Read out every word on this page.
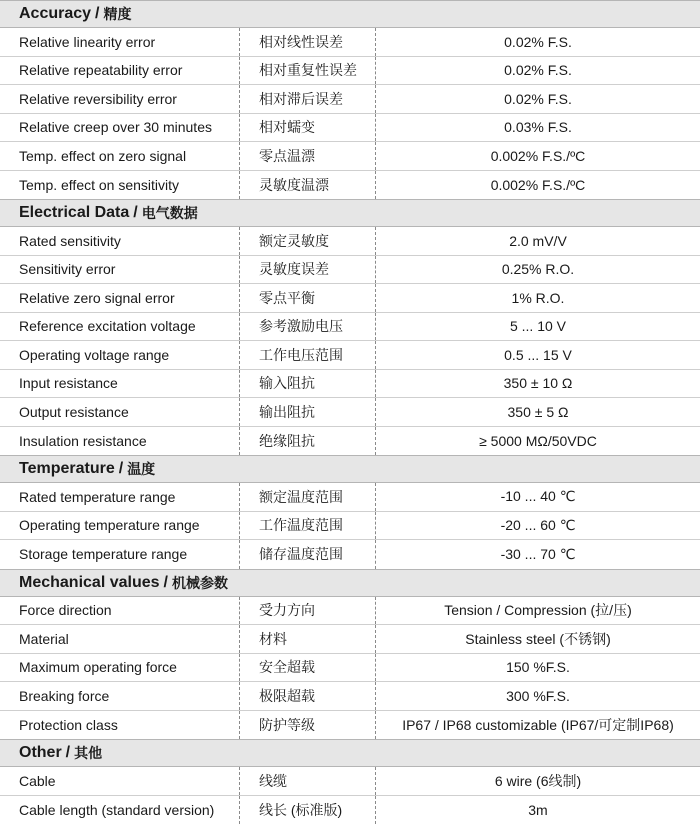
Accuracy / 精度
Relative linearity error	相对线性误差	0.02% F.S.
Relative repeatability error	相对重复性误差	0.02% F.S.
Relative reversibility error	相对滞后误差	0.02% F.S.
Relative creep over 30 minutes	相对蠕变	0.03% F.S.
Temp. effect on zero signal	零点温漂	0.002% F.S./ºC
Temp. effect on sensitivity	灵敏度温漂	0.002% F.S./ºC
Electrical Data / 电气数据
Rated sensitivity	额定灵敏度	2.0 mV/V
Sensitivity error	灵敏度误差	0.25% R.O.
Relative zero signal error	零点平衡	1% R.O.
Reference excitation voltage	参考激励电压	5 ... 10 V
Operating voltage range	工作电压范围	0.5 ... 15 V
Input resistance	输入阻抗	350 ± 10 Ω
Output resistance	输出阻抗	350 ± 5 Ω
Insulation resistance	绝缘阻抗	≥ 5000 MΩ/50VDC
Temperature / 温度
Rated temperature range	额定温度范围	-10 ... 40 ℃
Operating temperature range	工作温度范围	-20 ... 60 ℃
Storage temperature range	储存温度范围	-30 ... 70 ℃
Mechanical values / 机械参数
Force direction	受力方向	Tension / Compression (拉/压)
Material	材料	Stainless steel (不锈钢)
Maximum operating force	安全超载	150 %F.S.
Breaking force	极限超载	300 %F.S.
Protection class	防护等级	IP67 / IP68 customizable (IP67/可定制IP68)
Other / 其他
Cable	线缆	6 wire (6线制)
Cable length (standard version)	线长 (标准版)	3m
